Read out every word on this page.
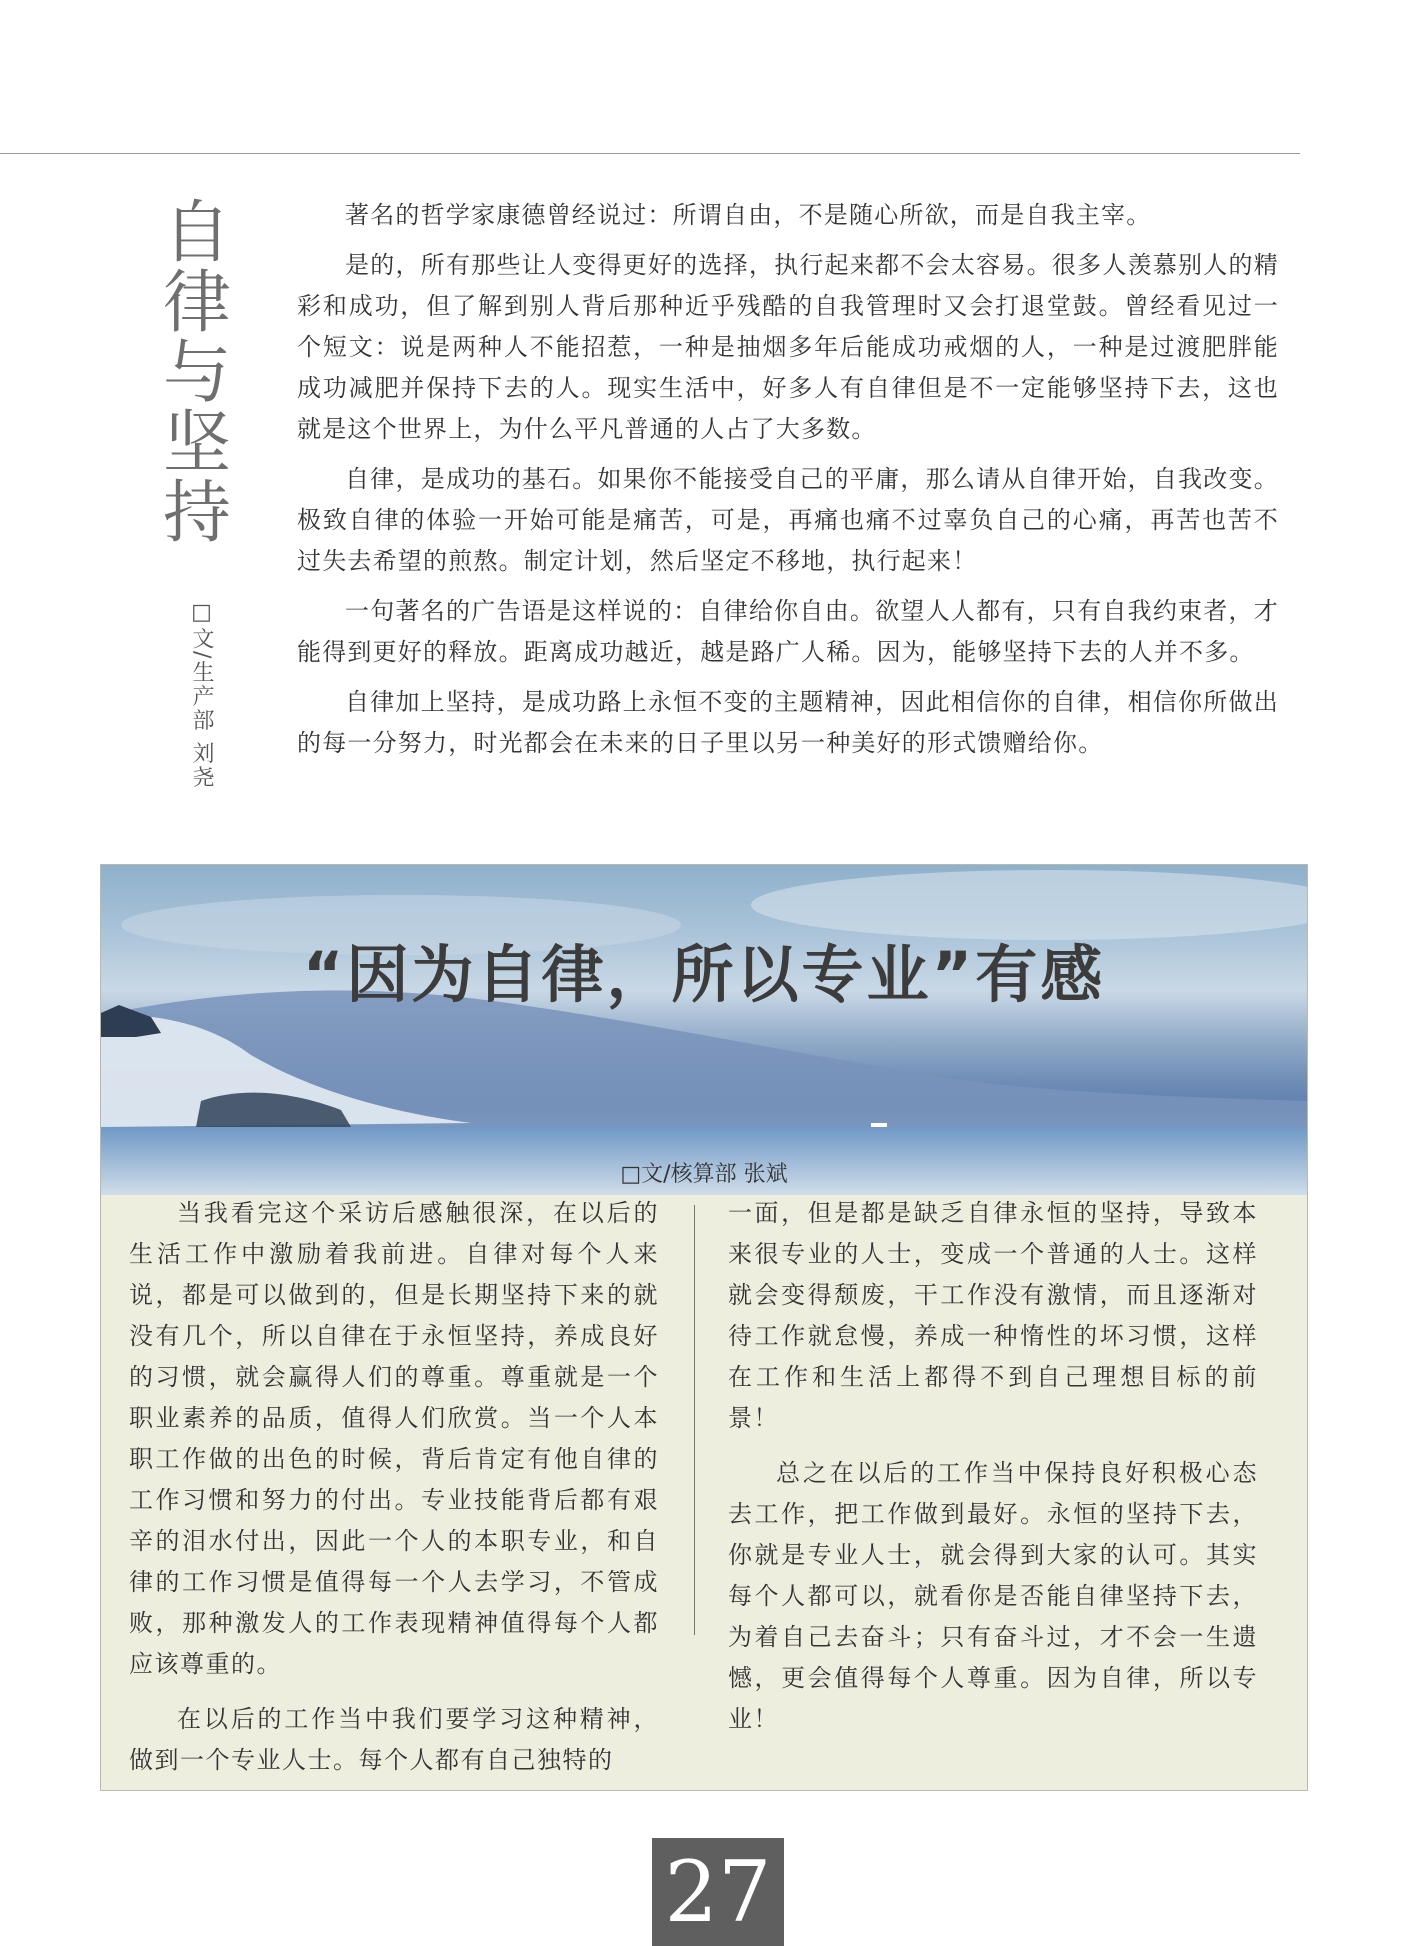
自
律
与
坚
持
□文/生产部 刘尧

著名的哲学家康德曾经说过：所谓自由，不是随心所欲，而是自我主宰。

是的，所有那些让人变得更好的选择，执行起来都不会太容易。很多人羡慕别人的精彩和成功，但了解到别人背后那种近乎残酷的自我管理时又会打退堂鼓。曾经看见过一个短文：说是两种人不能招惹，一种是抽烟多年后能成功戒烟的人，一种是过渡肥胖能成功减肥并保持下去的人。现实生活中，好多人有自律但是不一定能够坚持下去，这也就是这个世界上，为什么平凡普通的人占了大多数。

自律，是成功的基石。如果你不能接受自己的平庸，那么请从自律开始，自我改变。极致自律的体验一开始可能是痛苦，可是，再痛也痛不过辜负自己的心痛，再苦也苦不过失去希望的煎熬。制定计划，然后坚定不移地，执行起来！

一句著名的广告语是这样说的：自律给你自由。欲望人人都有，只有自我约束者，才能得到更好的释放。距离成功越近，越是路广人稀。因为，能够坚持下去的人并不多。

自律加上坚持，是成功路上永恒不变的主题精神，因此相信你的自律，相信你所做出的每一分努力，时光都会在未来的日子里以另一种美好的形式馈赠给你。

“因为自律，所以专业”有感
□文/核算部 张斌

当我看完这个采访后感触很深，在以后的生活工作中激励着我前进。自律对每个人来说，都是可以做到的，但是长期坚持下来的就没有几个，所以自律在于永恒坚持，养成良好的习惯，就会赢得人们的尊重。尊重就是一个职业素养的品质，值得人们欣赏。当一个人本职工作做的出色的时候，背后肯定有他自律的工作习惯和努力的付出。专业技能背后都有艰辛的泪水付出，因此一个人的本职专业，和自律的工作习惯是值得每一个人去学习，不管成败，那种激发人的工作表现精神值得每个人都应该尊重的。

在以后的工作当中我们要学习这种精神，做到一个专业人士。每个人都有自己独特的

一面，但是都是缺乏自律永恒的坚持，导致本来很专业的人士，变成一个普通的人士。这样就会变得颓废，干工作没有激情，而且逐渐对待工作就怠慢，养成一种惰性的坏习惯，这样在工作和生活上都得不到自己理想目标的前景！

总之在以后的工作当中保持良好积极心态去工作，把工作做到最好。永恒的坚持下去，你就是专业人士，就会得到大家的认可。其实每个人都可以，就看你是否能自律坚持下去，为着自己去奋斗；只有奋斗过，才不会一生遗憾，更会值得每个人尊重。因为自律，所以专业！

27
